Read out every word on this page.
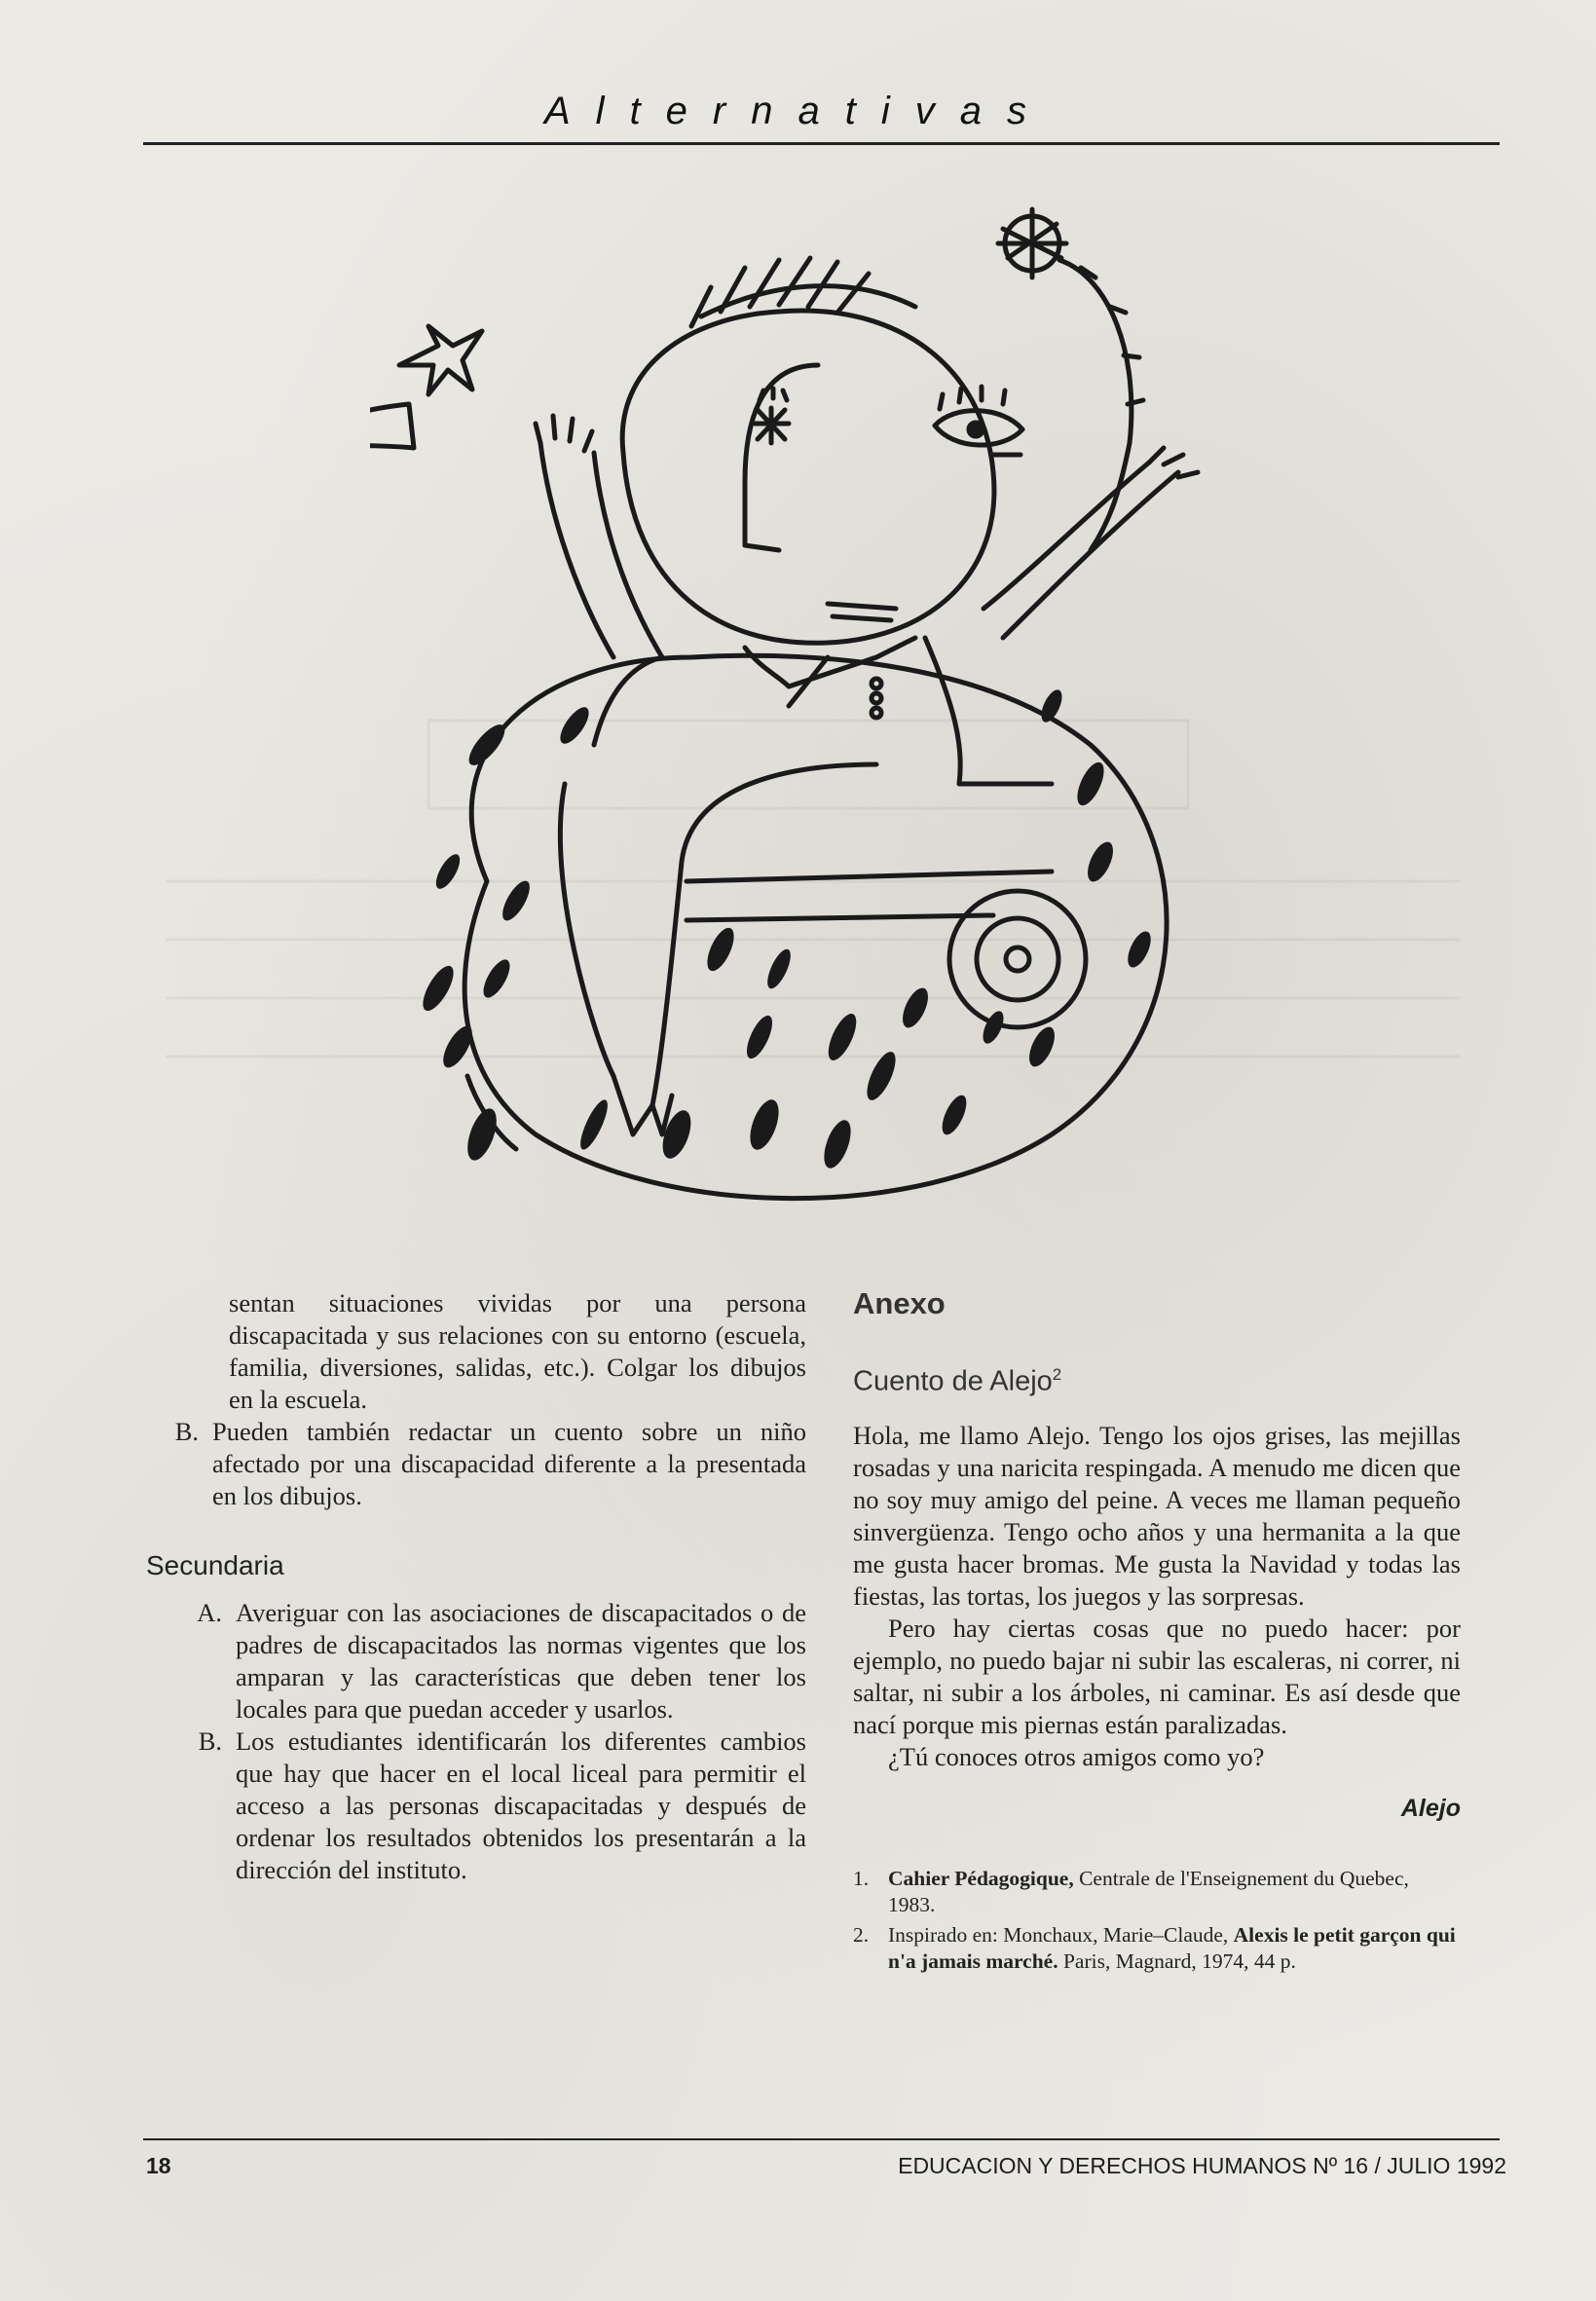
Alternativas

sentan situaciones vividas por una persona discapacitada y sus relaciones con su entorno (escuela, familia, diversiones, salidas, etc.). Colgar los dibujos en la escuela.

B. Pueden también redactar un cuento sobre un niño afectado por una discapacidad diferente a la presentada en los dibujos.
Secundaria
A. Averiguar con las asociaciones de discapacitados o de padres de discapacitados las normas vigentes que los amparan y las características que deben tener los locales para que puedan acceder y usarlos.
B. Los estudiantes identificarán los diferentes cambios que hay que hacer en el local liceal para permitir el acceso a las personas discapacitadas y después de ordenar los resultados obtenidos los presentarán a la dirección del instituto.
Anexo
Cuento de Alejo$^2$

Hola, me llamo Alejo. Tengo los ojos grises, las mejillas rosadas y una naricita respingada. A menudo me dicen que no soy muy amigo del peine. A veces me llaman pequeño sinvergüenza. Tengo ocho años y una hermanita a la que me gusta hacer bromas. Me gusta la Navidad y todas las fiestas, las tortas, los juegos y las sorpresas.

Pero hay ciertas cosas que no puedo hacer: por ejemplo, no puedo bajar ni subir las escaleras, ni correr, ni saltar, ni subir a los árboles, ni caminar. Es así desde que nací porque mis piernas están paralizadas.

¿Tú conoces otros amigos como yo?

Alejo
1. Cahier Pédagogique, Centrale de l'Enseignement du Quebec, 1983.
2. Inspirado en: Monchaux, Marie–Claude, Alexis le petit garçon qui n'a jamais marché. Paris, Magnard, 1974, 44 p.
18	EDUCACION Y DERECHOS HUMANOS Nº 16 / JULIO 1992
